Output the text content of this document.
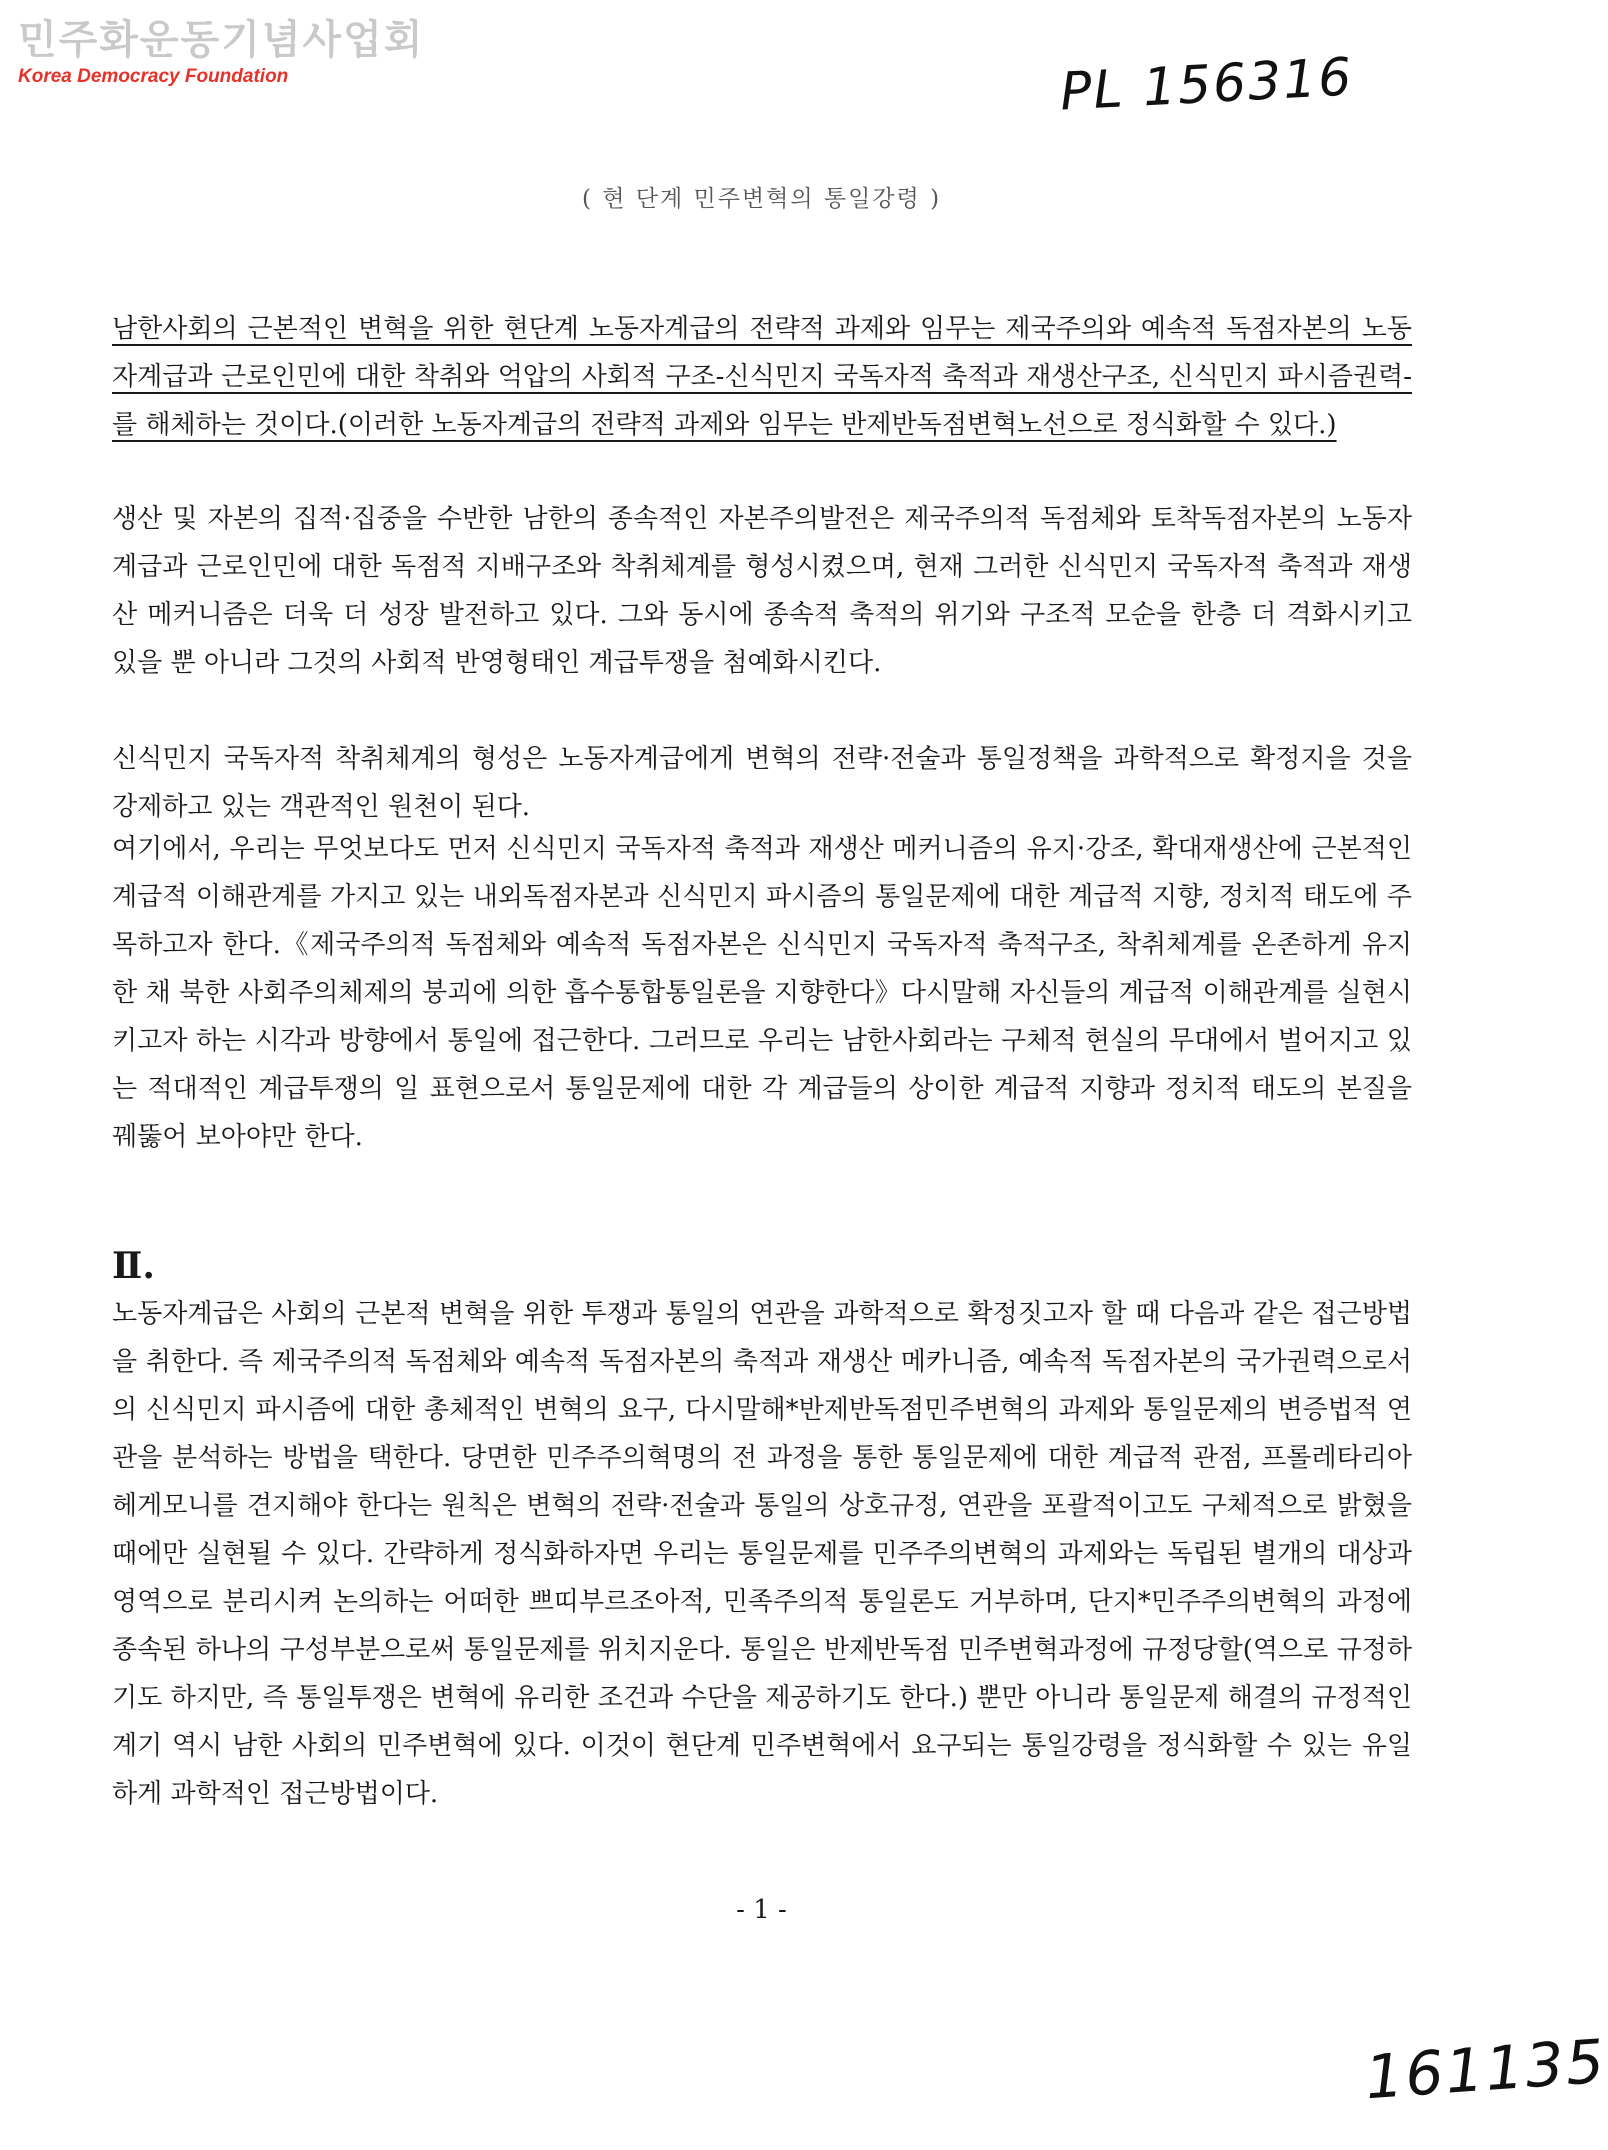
민주화운동기념사업회
Korea Democracy Foundation	PL 156316
( 현 단계 민주변혁의 통일강령 )
남한사회의 근본적인 변혁을 위한 현단계 노동자계급의 전략적 과제와 임무는 제국주의와 예속적 독점자본의 노동자계급과 근로인민에 대한 착취와 억압의 사회적 구조-신식민지 국독자적 축적과 재생산구조, 신식민지 파시즘권력-를 해체하는 것이다.(이러한 노동자계급의 전략적 과제와 임무는 반제반독점변혁노선으로 정식화할 수 있다.)
생산 및 자본의 집적·집중을 수반한 남한의 종속적인 자본주의발전은 제국주의적 독점체와 토착독점자본의 노동자계급과 근로인민에 대한 독점적 지배구조와 착취체계를 형성시켰으며, 현재 그러한 신식민지 국독자적 축적과 재생산 메커니즘은 더욱 더 성장 발전하고 있다. 그와 동시에 종속적 축적의 위기와 구조적 모순을 한층 더 격화시키고 있을 뿐 아니라 그것의 사회적 반영형태인 계급투쟁을 첨예화시킨다.
신식민지 국독자적 착취체계의 형성은 노동자계급에게 변혁의 전략·전술과 통일정책을 과학적으로 확정지을 것을 강제하고 있는 객관적인 원천이 된다.
여기에서, 우리는 무엇보다도 먼저 신식민지 국독자적 축적과 재생산 메커니즘의 유지·강조, 확대재생산에 근본적인 계급적 이해관계를 가지고 있는 내외독점자본과 신식민지 파시즘의 통일문제에 대한 계급적 지향, 정치적 태도에 주목하고자 한다.《제국주의적 독점체와 예속적 독점자본은 신식민지 국독자적 축적구조, 착취체계를 온존하게 유지한 채 북한 사회주의체제의 붕괴에 의한 흡수통합통일론을 지향한다》다시말해 자신들의 계급적 이해관계를 실현시키고자 하는 시각과 방향에서 통일에 접근한다. 그러므로 우리는 남한사회라는 구체적 현실의 무대에서 벌어지고 있는 적대적인 계급투쟁의 일 표현으로서 통일문제에 대한 각 계급들의 상이한 계급적 지향과 정치적 태도의 본질을 꿰뚫어 보아야만 한다.
Ⅱ.
노동자계급은 사회의 근본적 변혁을 위한 투쟁과 통일의 연관을 과학적으로 확정짓고자 할 때 다음과 같은 접근방법을 취한다. 즉 제국주의적 독점체와 예속적 독점자본의 축적과 재생산 메카니즘, 예속적 독점자본의 국가권력으로서의 신식민지 파시즘에 대한 총체적인 변혁의 요구, 다시말해*반제반독점민주변혁의 과제와 통일문제의 변증법적 연관을 분석하는 방법을 택한다. 당면한 민주주의혁명의 전 과정을 통한 통일문제에 대한 계급적 관점, 프롤레타리아 헤게모니를 견지해야 한다는 원칙은 변혁의 전략·전술과 통일의 상호규정, 연관을 포괄적이고도 구체적으로 밝혔을 때에만 실현될 수 있다. 간략하게 정식화하자면 우리는 통일문제를 민주주의변혁의 과제와는 독립된 별개의 대상과 영역으로 분리시켜 논의하는 어떠한 쁘띠부르조아적, 민족주의적 통일론도 거부하며, 단지*민주주의변혁의 과정에 종속된 하나의 구성부분으로써 통일문제를 위치지운다. 통일은 반제반독점 민주변혁과정에 규정당할(역으로 규정하기도 하지만, 즉 통일투쟁은 변혁에 유리한 조건과 수단을 제공하기도 한다.) 뿐만 아니라 통일문제 해결의 규정적인 계기 역시 남한 사회의 민주변혁에 있다. 이것이 현단계 민주변혁에서 요구되는 통일강령을 정식화할 수 있는 유일하게 과학적인 접근방법이다.
- 1 -
161135
